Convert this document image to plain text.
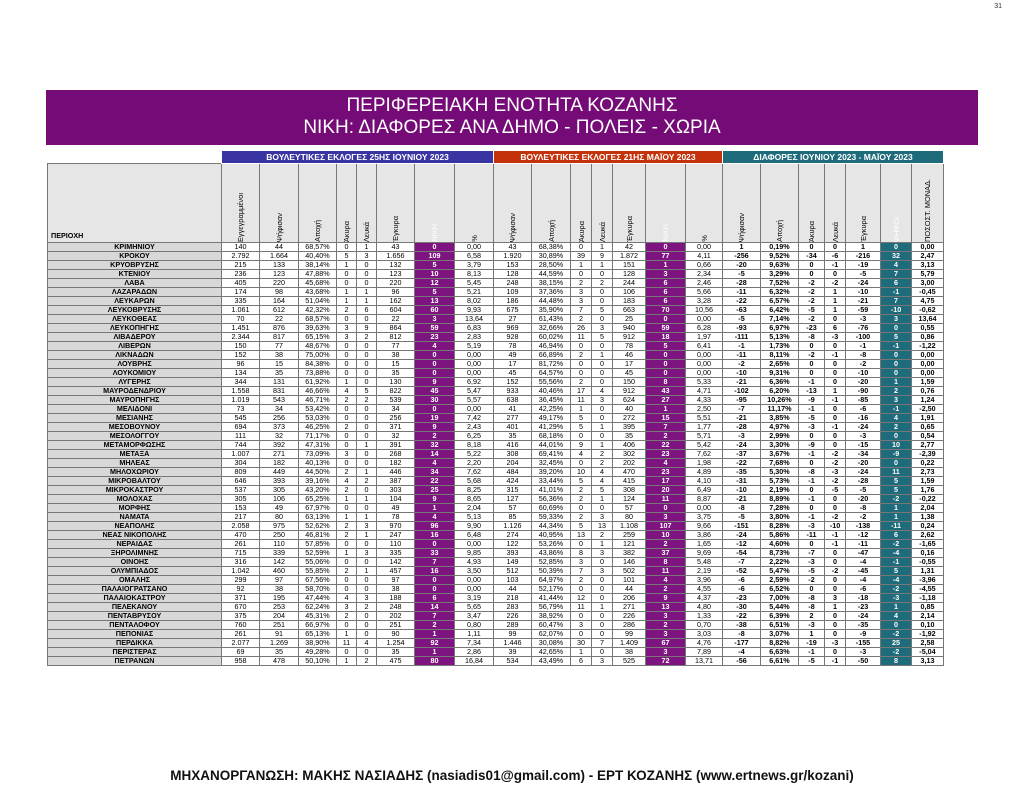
31
ΠΕΡΙΦΕΡΕΙΑΚΗ ΕΝΟΤΗΤΑ ΚΟΖΑΝΗΣ
ΝΙΚΗ: ΔΙΑΦΟΡΕΣ ΑΝΑ ΔΗΜΟ - ΠΟΛΕΙΣ - ΧΩΡΙΑ
	ΒΟΥΛΕΥΤΙΚΕΣ ΕΚΛΟΓΕΣ 25ΗΣ ΙΟΥΝΙΟΥ 2023								ΒΟΥΛΕΥΤΙΚΕΣ ΕΚΛΟΓΕΣ 21ΗΣ ΜΑΪΟΥ 2023							ΔΙΑΦΟΡΕΣ ΙΟΥΝΙΟΥ 2023 - ΜΑΪΟΥ 2023						
ΠΕΡΙΟΧΗ	Εγγεγραμμένοι	Ψήφισαν	Αποχή	Άκυρα	Λευκά	Έγκυρα	ΝΙΚΗ	%	Ψήφισαν	Αποχή	Άκυρα	Λευκά	Έγκυρα	ΝΙΚΗ	%	Ψήφισαν	Αποχή	Άκυρα	Λευκά	Έγκυρα	ΨΗΦΟΙ	ΠΟΣΟΣΤ. ΜΟΝΑΔ.

ΚΡΙΜΗΝΙΟΥ	140	44	68,57%	0	1	43	0	0,00	43	68,38%	0	1	42	0	0,00	1	0,19%	0	0	1	0	0,00
ΚΡΟΚΟΥ	2.792	1.664	40,40%	5	3	1.656	109	6,58	1.920	30,89%	39	9	1.872	77	4,11	-256	9,52%	-34	-6	-216	32	2,47
ΚΡΥΟΒΡΥΣΗΣ	215	133	38,14%	1	0	132	5	3,79	153	28,50%	1	1	151	1	0,66	-20	9,63%	0	-1	-19	4	3,13
ΚΤΕΝΙΟΥ	236	123	47,88%	0	0	123	10	8,13	128	44,59%	0	0	128	3	2,34	-5	3,29%	0	0	-5	7	5,79
ΛΑΒΑ	405	220	45,68%	0	0	220	12	5,45	248	38,15%	2	2	244	6	2,46	-28	7,52%	-2	-2	-24	6	3,00
ΛΑΖΑΡΑΔΩΝ	174	98	43,68%	1	1	96	5	5,21	109	37,36%	3	0	106	6	5,66	-11	6,32%	-2	1	-10	-1	-0,45
ΛΕΥΚΑΡΩΝ	335	164	51,04%	1	1	162	13	8,02	186	44,48%	3	0	183	6	3,28	-22	6,57%	-2	1	-21	7	4,75
ΛΕΥΚΟΒΡΥΣΗΣ	1.061	612	42,32%	2	6	604	60	9,93	675	35,90%	7	5	663	70	10,56	-63	6,42%	-5	1	-59	-10	-0,62
ΛΕΥΚΟΘΕΑΣ	70	22	68,57%	0	0	22	3	13,64	27	61,43%	2	0	25	0	0,00	-5	7,14%	-2	0	-3	3	13,64
ΛΕΥΚΟΠΗΓΗΣ	1.451	876	39,63%	3	9	864	59	6,83	969	32,66%	26	3	940	59	6,28	-93	6,97%	-23	6	-76	0	0,55
ΛΙΒΑΔΕΡΟΥ	2.344	817	65,15%	3	2	812	23	2,83	928	60,02%	11	5	912	18	1,97	-111	5,13%	-8	-3	-100	5	0,86
ΛΙΒΕΡΩΝ	150	77	48,67%	0	0	77	4	5,19	78	46,94%	0	0	78	5	6,41	-1	1,73%	0	0	-1	-1	-1,22
ΛΙΚΝΑΔΩΝ	152	38	75,00%	0	0	38	0	0,00	49	66,89%	2	1	46	0	0,00	-11	8,11%	-2	-1	-8	0	0,00
ΛΟΥΒΡΗΣ	96	15	84,38%	0	0	15	0	0,00	17	81,72%	0	0	17	0	0,00	-2	2,65%	0	0	-2	0	0,00
ΛΟΥΚΟΜΙΟΥ	134	35	73,88%	0	0	35	0	0,00	45	64,57%	0	0	45	0	0,00	-10	9,31%	0	0	-10	0	0,00
ΛΥΓΕΡΗΣ	344	131	61,92%	1	0	130	9	6,92	152	55,56%	2	0	150	8	5,33	-21	6,36%	-1	0	-20	1	1,59
ΜΑΥΡΟΔΕΝΔΡΙΟΥ	1.558	831	46,66%	4	5	822	45	5,47	933	40,46%	17	4	912	43	4,71	-102	6,20%	-13	1	-90	2	0,76
ΜΑΥΡΟΠΗΓΗΣ	1.019	543	46,71%	2	2	539	30	5,57	638	36,45%	11	3	624	27	4,33	-95	10,26%	-9	-1	-85	3	1,24
ΜΕΛΙΔΟΝΙ	73	34	53,42%	0	0	34	0	0,00	41	42,25%	1	0	40	1	2,50	-7	11,17%	-1	0	-6	-1	-2,50
ΜΕΣΙΑΝΗΣ	545	256	53,03%	0	0	256	19	7,42	277	49,17%	5	0	272	15	5,51	-21	3,85%	-5	0	-16	4	1,91
ΜΕΣΟΒΟΥΝΟΥ	694	373	46,25%	2	0	371	9	2,43	401	41,29%	5	1	395	7	1,77	-28	4,97%	-3	-1	-24	2	0,65
ΜΕΣΟΛΟΓΓΟΥ	111	32	71,17%	0	0	32	2	6,25	35	68,18%	0	0	35	2	5,71	-3	2,99%	0	0	-3	0	0,54
ΜΕΤΑΜΟΡΦΩΣΗΣ	744	392	47,31%	0	1	391	32	8,18	416	44,01%	9	1	406	22	5,42	-24	3,30%	-9	0	-15	10	2,77
ΜΕΤΑΞΑ	1.007	271	73,09%	3	0	268	14	5,22	308	69,41%	4	2	302	23	7,62	-37	3,67%	-1	-2	-34	-9	-2,39
ΜΗΛΕΑΣ	304	182	40,13%	0	0	182	4	2,20	204	32,45%	0	2	202	4	1,98	-22	7,68%	0	-2	-20	0	0,22
ΜΗΛΟΧΩΡΙΟΥ	809	449	44,50%	2	1	446	34	7,62	484	39,20%	10	4	470	23	4,89	-35	5,30%	-8	-3	-24	11	2,73
ΜΙΚΡΟΒΑΛΤΟΥ	646	393	39,16%	4	2	387	22	5,68	424	33,44%	5	4	415	17	4,10	-31	5,73%	-1	-2	-28	5	1,59
ΜΙΚΡΟΚΑΣΤΡΟΥ	537	305	43,20%	2	0	303	25	8,25	315	41,01%	2	5	308	20	6,49	-10	2,19%	0	-5	-5	5	1,76
ΜΟΛΟΧΑΣ	305	106	65,25%	1	1	104	9	8,65	127	56,36%	2	1	124	11	8,87	-21	8,89%	-1	0	-20	-2	-0,22
ΜΟΡΦΗΣ	153	49	67,97%	0	0	49	1	2,04	57	60,69%	0	0	57	0	0,00	-8	7,28%	0	0	-8	1	2,04
ΝΑΜΑΤΑ	217	80	63,13%	1	1	78	4	5,13	85	59,33%	2	3	80	3	3,75	-5	3,80%	-1	-2	-2	1	1,38
ΝΕΑΠΟΛΗΣ	2.058	975	52,62%	2	3	970	96	9,90	1.126	44,34%	5	13	1.108	107	9,66	-151	8,28%	-3	-10	-138	-11	0,24
ΝΕΑΣ ΝΙΚΟΠΟΛΗΣ	470	250	46,81%	2	1	247	16	6,48	274	40,95%	13	2	259	10	3,86	-24	5,86%	-11	-1	-12	6	2,62
ΝΕΡΑΙΔΑΣ	261	110	57,85%	0	0	110	0	0,00	122	53,26%	0	1	121	2	1,65	-12	4,60%	0	-1	-11	-2	-1,65
ΞΗΡΟΛΙΜΝΗΣ	715	339	52,59%	1	3	335	33	9,85	393	43,86%	8	3	382	37	9,69	-54	8,73%	-7	0	-47	-4	0,16
ΟΙΝΟΗΣ	316	142	55,06%	0	0	142	7	4,93	149	52,85%	3	0	146	8	5,48	-7	2,22%	-3	0	-4	-1	-0,55
ΟΛΥΜΠΙΑΔΟΣ	1.042	460	55,85%	2	1	457	16	3,50	512	50,39%	7	3	502	11	2,19	-52	5,47%	-5	-2	-45	5	1,31
ΟΜΑΛΗΣ	299	97	67,56%	0	0	97	0	0,00	103	64,97%	2	0	101	4	3,96	-6	2,59%	-2	0	-4	-4	-3,96
ΠΑΛΑΙΟΓΡΑΤΣΑΝΟ	92	38	58,70%	0	0	38	0	0,00	44	52,17%	0	0	44	2	4,55	-6	6,52%	0	0	-6	-2	-4,55
ΠΑΛΑΙΟΚΑΣΤΡΟΥ	371	195	47,44%	4	3	188	6	3,19	218	41,44%	12	0	206	9	4,37	-23	7,00%	-8	3	-18	-3	-1,18
ΠΕΛΕΚΑΝΟΥ	670	253	62,24%	3	2	248	14	5,65	283	56,79%	11	1	271	13	4,80	-30	5,44%	-8	1	-23	1	0,85
ΠΕΝΤΑΒΡΥΣΟΥ	375	204	45,31%	2	0	202	7	3,47	226	38,92%	0	0	226	3	1,33	-22	6,39%	2	0	-24	4	2,14
ΠΕΝΤΑΛΟΦΟΥ	760	251	66,97%	0	0	251	2	0,80	289	60,47%	3	0	286	2	0,70	-38	6,51%	-3	0	-35	0	0,10
ΠΕΠΟΝΙΑΣ	261	91	65,13%	1	0	90	1	1,11	99	62,07%	0	0	99	3	3,03	-8	3,07%	1	0	-9	-2	-1,92
ΠΕΡΔΙΚΚΑ	2.077	1.269	38,90%	11	4	1.254	92	7,34	1.446	30,08%	30	7	1.409	67	4,76	-177	8,82%	-19	-3	-155	25	2,58
ΠΕΡΙΣΤΕΡΑΣ	69	35	49,28%	0	0	35	1	2,86	39	42,65%	1	0	38	3	7,89	-4	6,63%	-1	0	-3	-2	-5,04
ΠΕΤΡΑΝΩΝ	958	478	50,10%	1	2	475	80	16,84	534	43,49%	6	3	525	72	13,71	-56	6,61%	-5	-1	-50	8	3,13
ΜΗΧΑΝΟΡΓΑΝΩΣΗ: ΜΑΚΗΣ ΝΑΣΙΑΔΗΣ (nasiadis01@gmail.com) - ΕΡΤ ΚΟΖΑΝΗΣ (www.ertnews.gr/kozani)
